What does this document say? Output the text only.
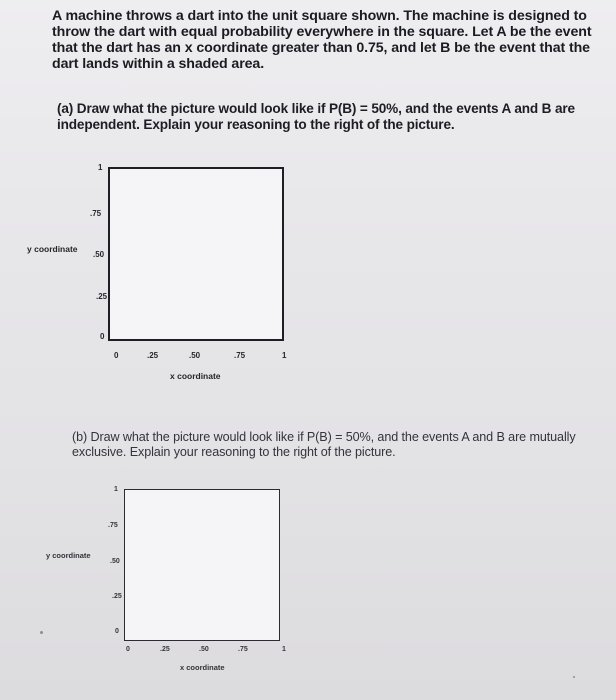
A machine throws a dart into the unit square shown. The machine is designed to throw the dart with equal probability everywhere in the square. Let A be the event that the dart has an x coordinate greater than 0.75, and let B be the event that the dart lands within a shaded area.
(a) Draw what the picture would look like if P(B) = 50%, and the events A and B are independent. Explain your reasoning to the right of the picture.
1
.75
.50
.25
0
y coordinate
0	.25	.50	.75	1
x coordinate
(b) Draw what the picture would look like if P(B) = 50%, and the events A and B are mutually exclusive. Explain your reasoning to the right of the picture.
1
.75
.50
.25
0
y coordinate
0	.25	.50	.75	1
x coordinate
